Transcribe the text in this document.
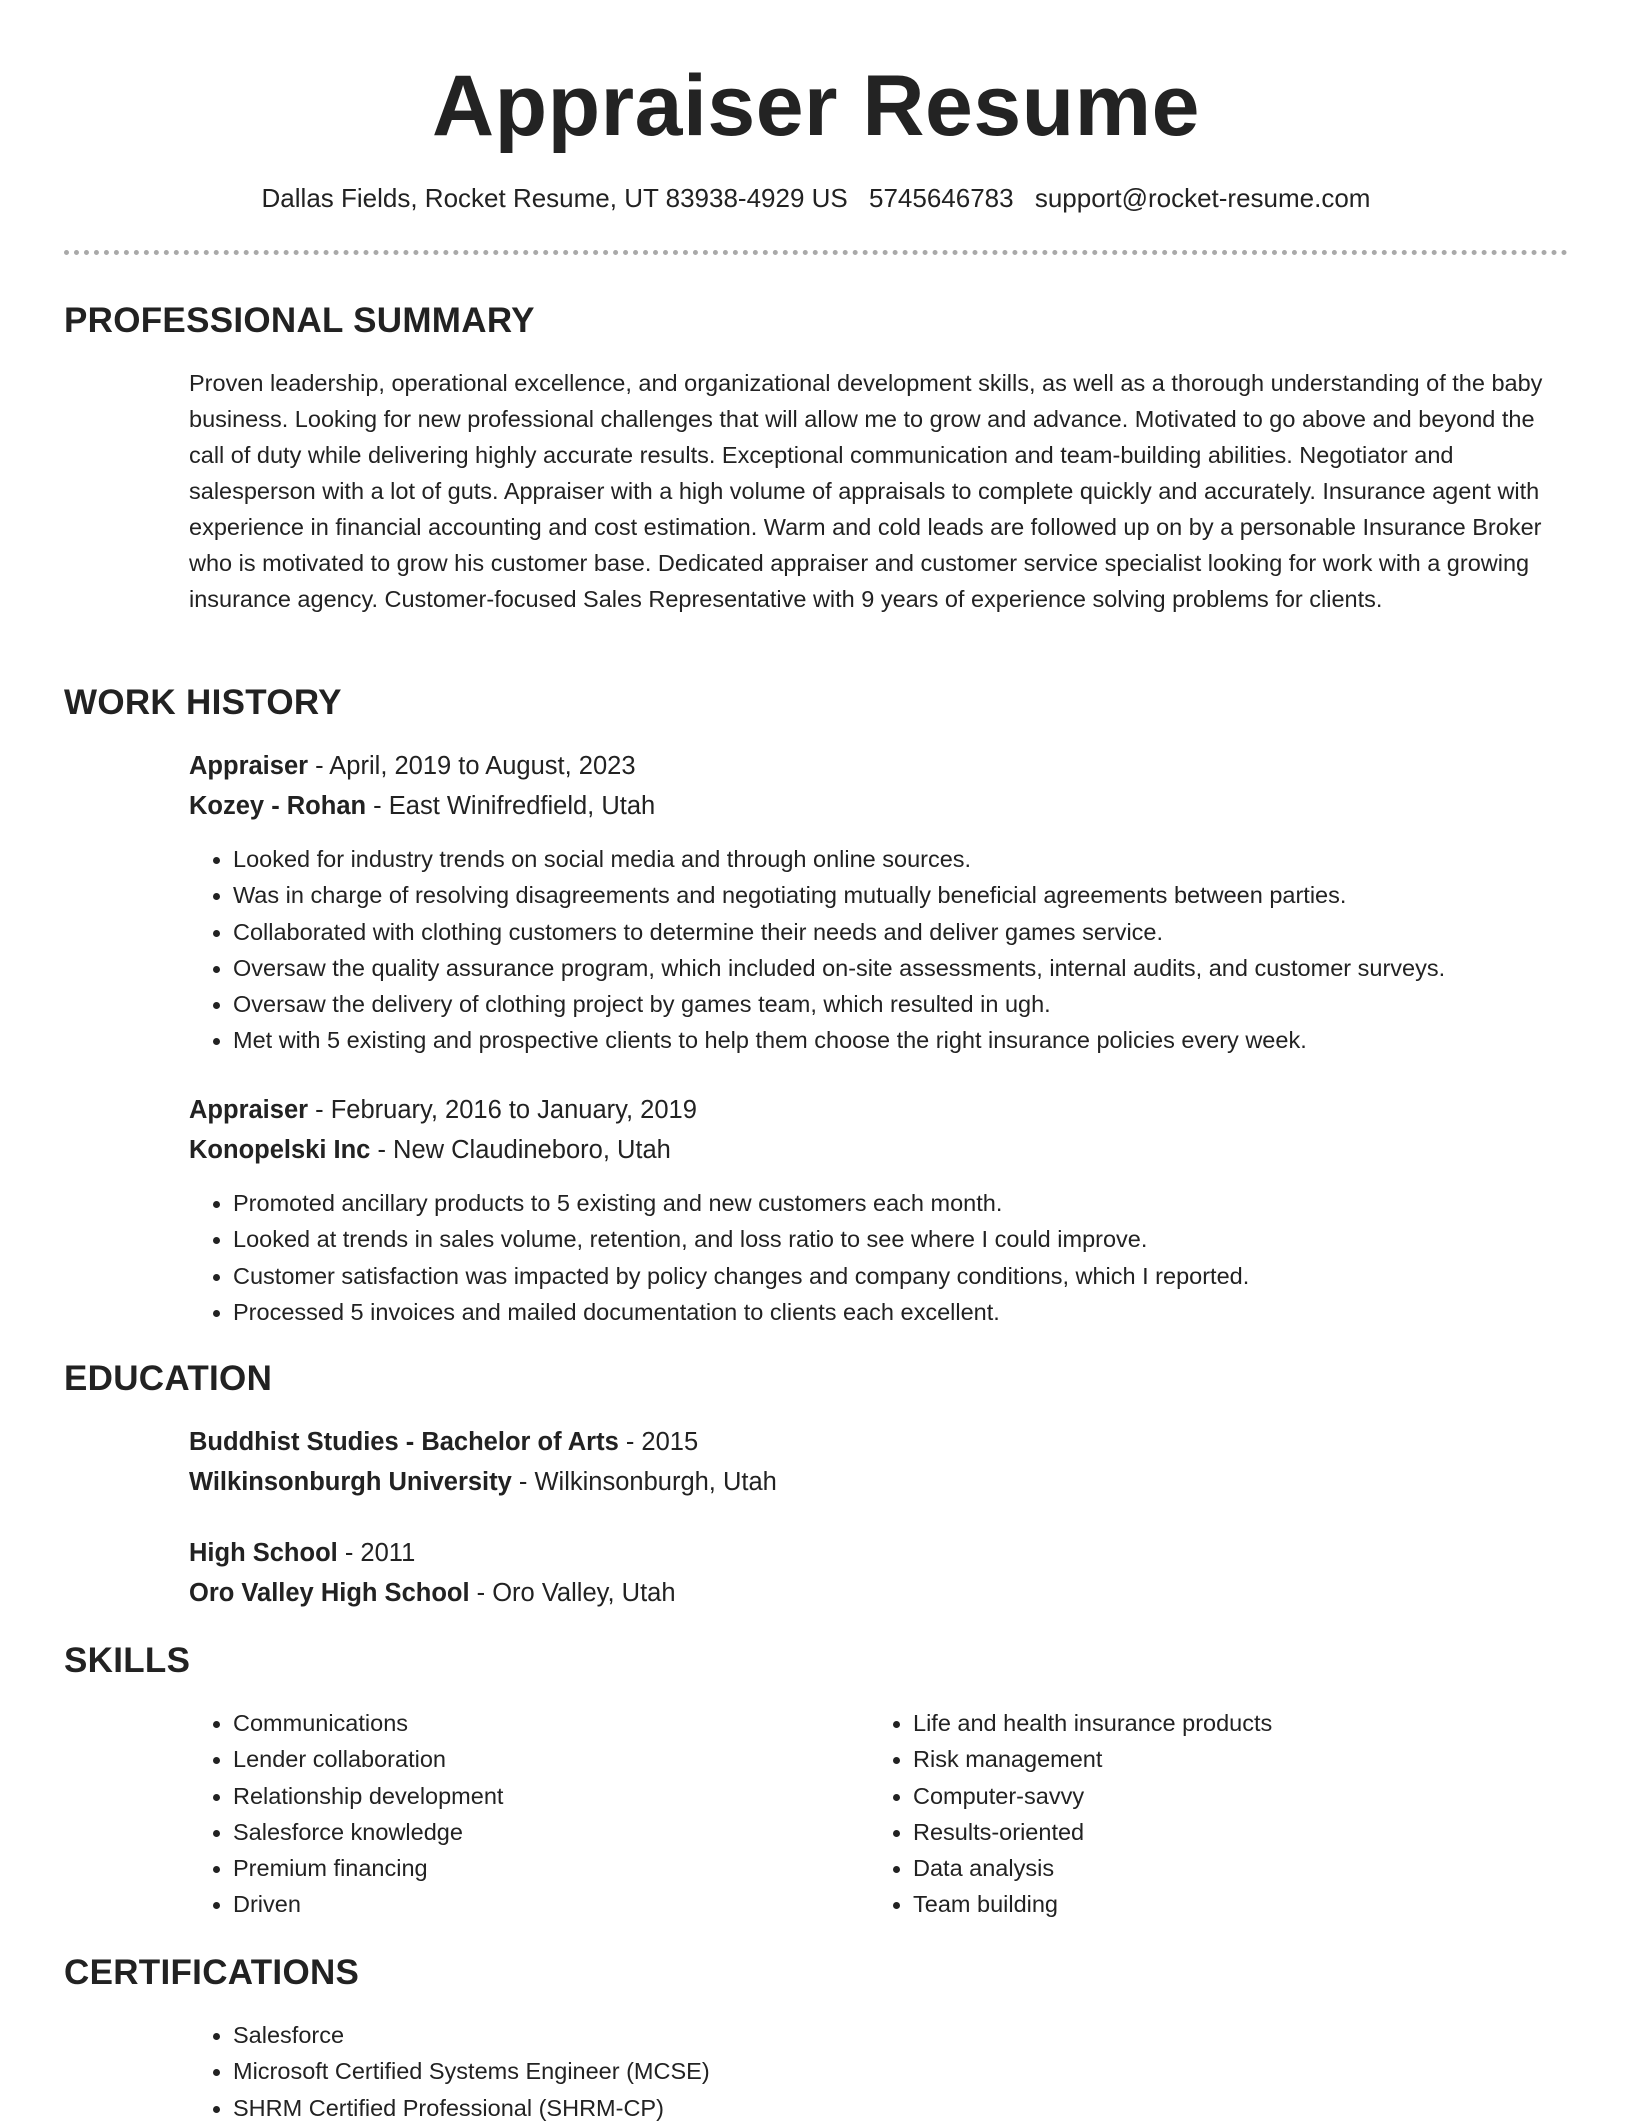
Appraiser Resume
Dallas Fields, Rocket Resume, UT 83938-4929 US 5745646783 support@rocket-resume.com
PROFESSIONAL SUMMARY
Proven leadership, operational excellence, and organizational development skills, as well as a thorough understanding of the baby business. Looking for new professional challenges that will allow me to grow and advance. Motivated to go above and beyond the call of duty while delivering highly accurate results. Exceptional communication and team-building abilities. Negotiator and salesperson with a lot of guts. Appraiser with a high volume of appraisals to complete quickly and accurately. Insurance agent with experience in financial accounting and cost estimation. Warm and cold leads are followed up on by a personable Insurance Broker who is motivated to grow his customer base. Dedicated appraiser and customer service specialist looking for work with a growing insurance agency. Customer-focused Sales Representative with 9 years of experience solving problems for clients.
WORK HISTORY
Appraiser - April, 2019 to August, 2023
Kozey - Rohan - East Winifredfield, Utah
• Looked for industry trends on social media and through online sources.
• Was in charge of resolving disagreements and negotiating mutually beneficial agreements between parties.
• Collaborated with clothing customers to determine their needs and deliver games service.
• Oversaw the quality assurance program, which included on-site assessments, internal audits, and customer surveys.
• Oversaw the delivery of clothing project by games team, which resulted in ugh.
• Met with 5 existing and prospective clients to help them choose the right insurance policies every week.
Appraiser - February, 2016 to January, 2019
Konopelski Inc - New Claudineboro, Utah
• Promoted ancillary products to 5 existing and new customers each month.
• Looked at trends in sales volume, retention, and loss ratio to see where I could improve.
• Customer satisfaction was impacted by policy changes and company conditions, which I reported.
• Processed 5 invoices and mailed documentation to clients each excellent.
EDUCATION
Buddhist Studies - Bachelor of Arts - 2015
Wilkinsonburgh University - Wilkinsonburgh, Utah
High School - 2011
Oro Valley High School - Oro Valley, Utah
SKILLS
• Communications
• Lender collaboration
• Relationship development
• Salesforce knowledge
• Premium financing
• Driven
• Life and health insurance products
• Risk management
• Computer-savvy
• Results-oriented
• Data analysis
• Team building
CERTIFICATIONS
• Salesforce
• Microsoft Certified Systems Engineer (MCSE)
• SHRM Certified Professional (SHRM-CP)
